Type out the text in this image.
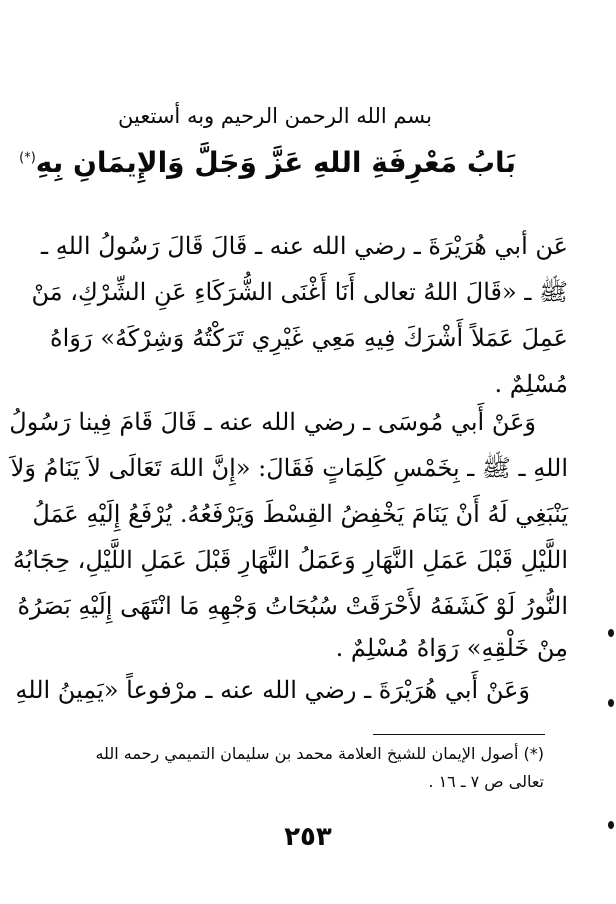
بسم الله الرحمن الرحيم وبه أستعين
بَابُ مَعْرِفَةِ اللهِ عَزَّ وَجَلَّ وَالإِيمَانِ بِهِ(*)
عَن أبي هُرَيْرَةَ ـ رضي الله عنه ـ قَالَ قَالَ رَسُولُ اللهِ ـ
ﷺ ـ «قَالَ اللهُ تعالى أَنَا أَغْنَى الشُّرَكَاءِ عَنِ الشِّرْكِ، مَنْ
عَمِلَ عَمَلاً أَشْرَكَ فِيهِ مَعِي غَيْرِي تَرَكْتُهُ وَشِرْكَهُ» رَوَاهُ
مُسْلِمٌ .
وَعَنْ أَبي مُوسَى ـ رضي الله عنه ـ قَالَ قَامَ فِينا رَسُولُ
اللهِ ـ ﷺ ـ بِخَمْسِ كَلِمَاتٍ فَقَالَ: «إِنَّ اللهَ تَعَالَى لاَ يَنَامُ وَلاَ
يَنْبَغِي لَهُ أَنْ يَنَامَ يَخْفِضُ القِسْطَ وَيَرْفَعُهُ. يُرْفَعُ إِلَيْهِ عَمَلُ
اللَّيْلِ قَبْلَ عَمَلِ النَّهَارِ وَعَمَلُ النَّهَارِ قَبْلَ عَمَلِ اللَّيْلِ، حِجَابُهُ
النُّورُ لَوْ كَشَفَهُ لأَحْرَقَتْ سُبُحَاتُ وَجْهِهِ مَا انْتَهَى إِلَيْهِ بَصَرُهُ
مِنْ خَلْقِهِ» رَوَاهُ مُسْلِمٌ .
وَعَنْ أَبي هُرَيْرَةَ ـ رضي الله عنه ـ مرْفوعاً «يَمِينُ اللهِ
(*) أصول الإيمان للشيخ العلامة محمد بن سليمان التميمي رحمه الله
تعالى ص ٧ ـ ١٦ .
٢٥٣
